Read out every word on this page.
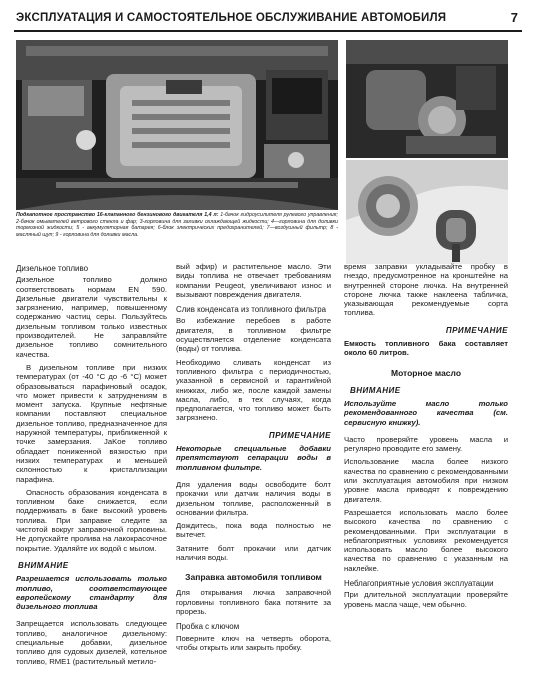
ЭКСПЛУАТАЦИЯ И САМОСТОЯТЕЛЬНОЕ ОБСЛУЖИВАНИЕ АВТОМОБИЛЯ	7
Подкапотное пространство 16-клапанного бензинового двигателя 1,4 л: 1-бачок гидроусилителя рулевого управления; 2-бачок омывателей ветрового стекла и фар; 3-горловина для заливки охлаждающей жидкости; 4—горловина для доливки тормозной жидкости; 5 - аккумуляторная батарея; 6-блок электрических предохранителей; 7—воздушный фильтр; 8 - масляный щуп; 9 - горловина для доливки масла.
Дизельное топливо

Дизельное топливо должно соответствовать нормам EN 590. Дизельные двигатели чувствительны к загрязнению, например, повышенному содержанию частиц серы. Пользуйтесь дизельным топливом только известных производителей. Не заправляйте дизельное топливо сомнительного качества.

В дизельном топливе при низких температурах (от -40 °С до -6 °С) может образовываться парафиновый осадок, что может привести к затруднениям в момент запуска. Крупные нефтяные компании поставляют специальное дизельное топливо, предназначенное для наружной температуры, приближенной к точке замерзания. JaKoe топливо обладает пониженной вязкостью при низких температурах и меньшей склонностью к кристаллизации парафина.

Опасность образования конденсата в топливном баке снижается, если поддерживать в баке высокий уровень топлива. При заправке следите за чистотой вокруг заправочной горловины. Не допускайте пролива на лакокрасочное покрытие. Удаляйте их водой с мылом.

ВНИМАНИЕ
Разрешается использовать только топливо, соответствующее европейскому стандарту для дизельного топлива

Запрещается использовать следующее топливо, аналогичное дизельному: специальные добавки, дизельное топливо для судовых дизелей, котельное топливо, RME1 (растительный метило-

вый эфир) и растительное масло. Эти виды топлива не отвечает требованиям компании Peugeot, увеличивают износ и вызывают повреждения двигателя.

Слив конденсата из топливного фильтра

Во избежание перебоев в работе двигателя, в топливном фильтре осуществляется отделение конденсата (воды) от топлива.

Необходимо сливать конденсат из топливного фильтра с периодичностью, указанной в сервисной и гарантийной книжках, либо же, после каждой замены масла, либо, в тех случаях, когда предполагается, что топливо может быть загрязнено.

ПРИМЕЧАНИЕ
Некоторые специальные добавки препятствуют сепарации воды в топливном фильтре.

Для удаления воды освободите болт прокачки или датчик наличия воды в дизельном топливе, расположенный в основании фильтра.

Дождитесь, пока вода полностью не вытечет.

Затяните болт прокачки или датчик наличия воды.

Заправка автомобиля топливом

Для открывания лючка заправочной горловины топливного бака потяните за прорезь.

Пробка с ключом

Поверните ключ на четверть оборота, чтобы открыть или закрыть пробку.

время заправки укладывайте пробку в гнездо, предусмотренное на кронштейне на внутренней стороне лючка. На внутренней стороне лючка также наклеена табличка, указывающая рекомендуемые сорта топлива.

ПРИМЕЧАНИЕ
Емкость топливного бака составляет около 60 литров.
Моторное масло
ВНИМАНИЕ
Используйте масло только рекомендованного качества (см. сервисную книжку).

Часто проверяйте уровень масла и регулярно проводите его замену.

Использование масла более низкого качества по сравнению с рекомендованными или эксплуатация автомобиля при низком уровне масла приводят к повреждению двигателя.

Разрешается использовать масло более высокого качества по сравнению с рекомендованными. При эксплуатации в неблагоприятных условиях рекомендуется использовать масло более высокого качества по сравнению с указанным на наклейке.

Неблагоприятные условия эксплуатации

При длительной эксплуатации проверяйте уровень масла чаще, чем обычно.
